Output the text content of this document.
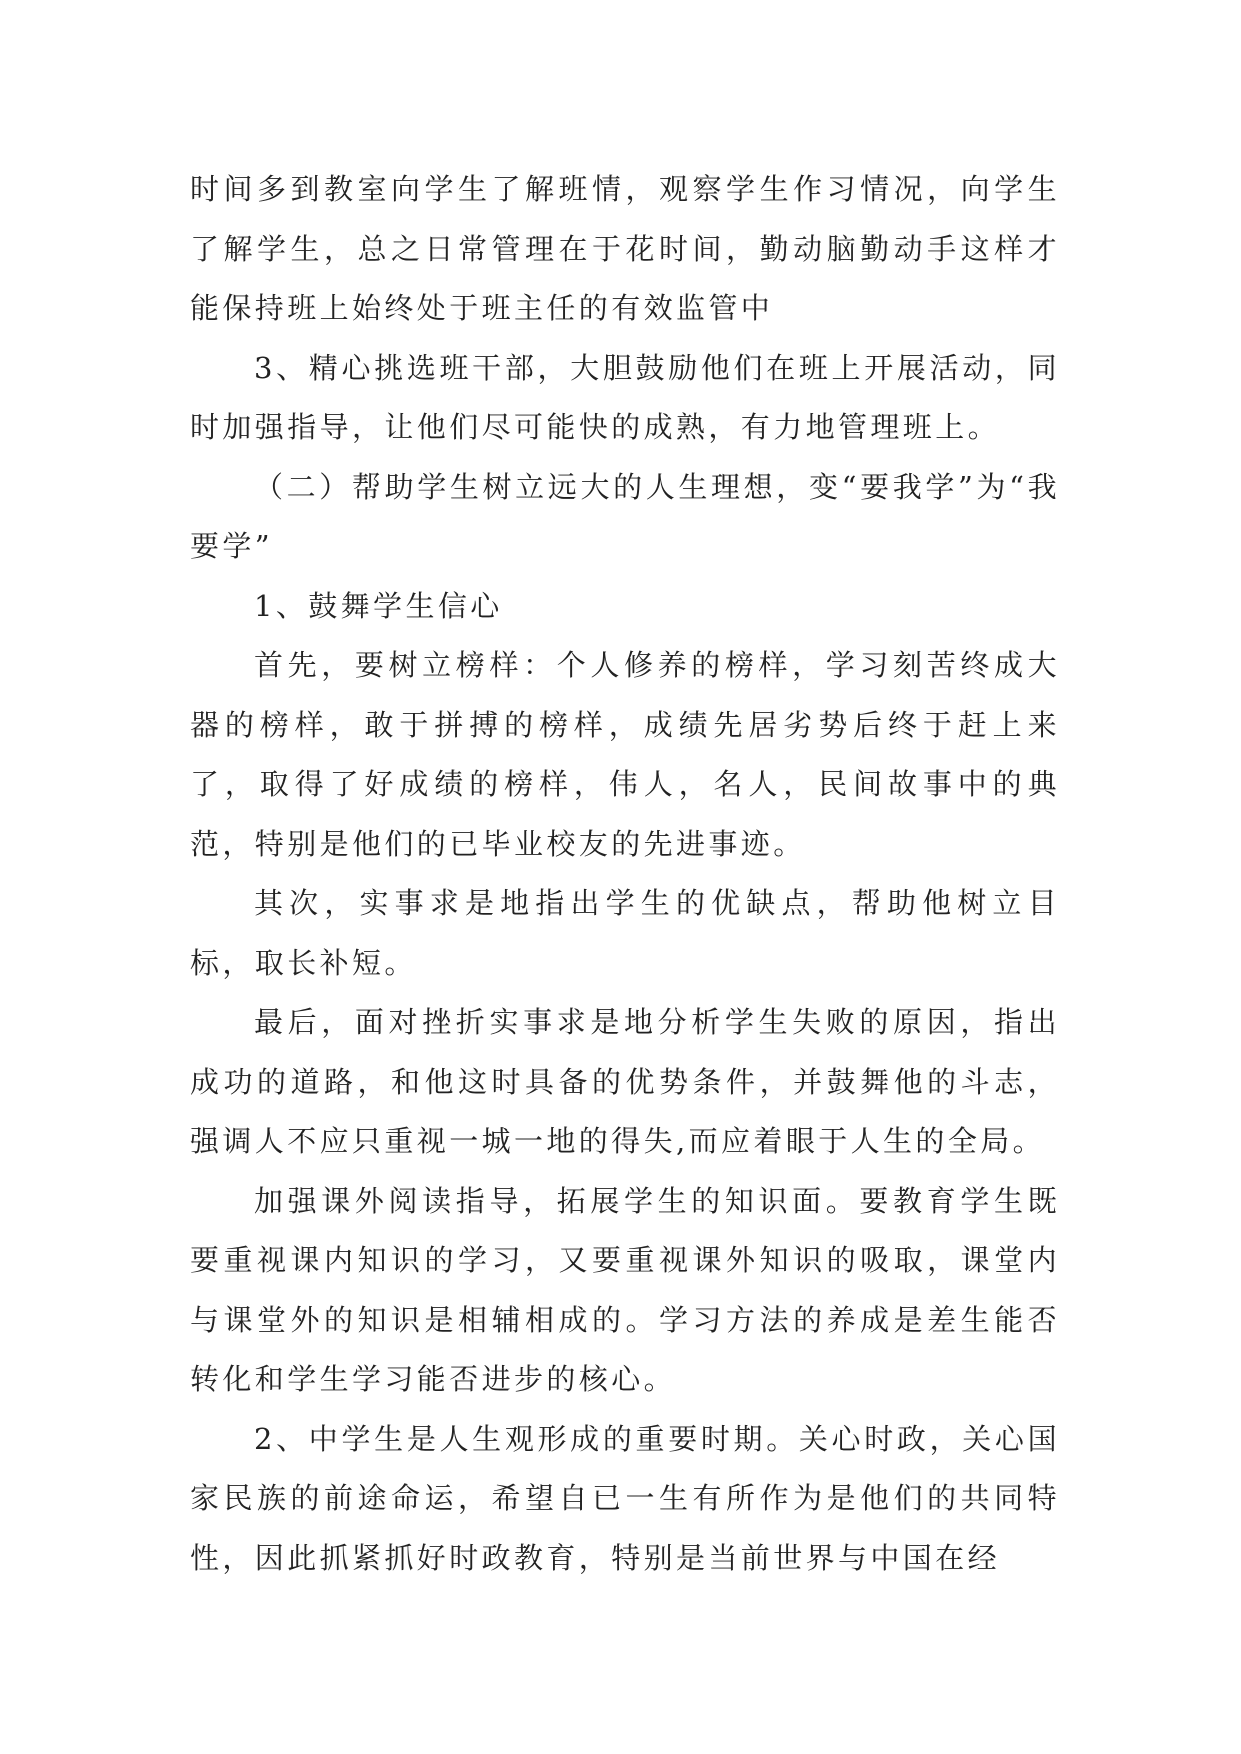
时间多到教室向学生了解班情，观察学生作习情况，向学生了解学生，总之日常管理在于花时间，勤动脑勤动手这样才能保持班上始终处于班主任的有效监管中

3、精心挑选班干部，大胆鼓励他们在班上开展活动，同时加强指导，让他们尽可能快的成熟，有力地管理班上。

（二）帮助学生树立远大的人生理想，变“要我学”为“我要学”

1、鼓舞学生信心

首先，要树立榜样：个人修养的榜样，学习刻苦终成大器的榜样，敢于拼搏的榜样，成绩先居劣势后终于赶上来了，取得了好成绩的榜样，伟人，名人，民间故事中的典范，特别是他们的已毕业校友的先进事迹。

其次，实事求是地指出学生的优缺点，帮助他树立目标，取长补短。

最后，面对挫折实事求是地分析学生失败的原因，指出成功的道路，和他这时具备的优势条件，并鼓舞他的斗志，强调人不应只重视一城一地的得失,而应着眼于人生的全局。

加强课外阅读指导，拓展学生的知识面。要教育学生既要重视课内知识的学习，又要重视课外知识的吸取，课堂内与课堂外的知识是相辅相成的。学习方法的养成是差生能否转化和学生学习能否进步的核心。

2、中学生是人生观形成的重要时期。关心时政，关心国家民族的前途命运，希望自已一生有所作为是他们的共同特性，因此抓紧抓好时政教育，特别是当前世界与中国在经
